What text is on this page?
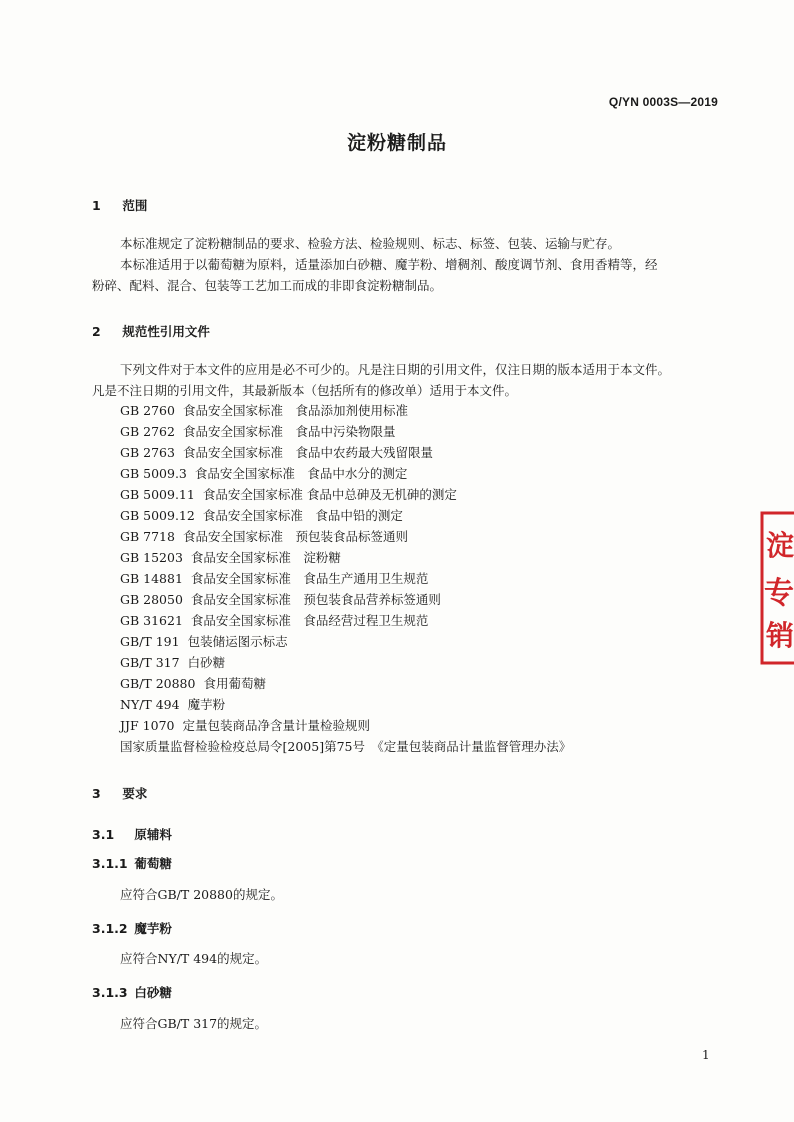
Q/YN 0003S—2019
淀粉糖制品
1 范围
本标准规定了淀粉糖制品的要求、检验方法、检验规则、标志、标签、包装、运输与贮存。
本标准适用于以葡萄糖为原料，适量添加白砂糖、魔芋粉、增稠剂、酸度调节剂、食用香精等，经
粉碎、配料、混合、包装等工艺加工而成的非即食淀粉糖制品。
2 规范性引用文件
下列文件对于本文件的应用是必不可少的。凡是注日期的引用文件，仅注日期的版本适用于本文件。
凡是不注日期的引用文件，其最新版本（包括所有的修改单）适用于本文件。
GB 2760 食品安全国家标准　食品添加剂使用标准
GB 2762 食品安全国家标准　食品中污染物限量
GB 2763 食品安全国家标准　食品中农药最大残留限量
GB 5009.3 食品安全国家标准　食品中水分的测定
GB 5009.11 食品安全国家标准 食品中总砷及无机砷的测定
GB 5009.12 食品安全国家标准　食品中铅的测定
GB 7718 食品安全国家标准　预包装食品标签通则
GB 15203 食品安全国家标准　淀粉糖
GB 14881 食品安全国家标准　食品生产通用卫生规范
GB 28050 食品安全国家标准　预包装食品营养标签通则
GB 31621 食品安全国家标准　食品经营过程卫生规范
GB/T 191 包装储运图示标志
GB/T 317 白砂糖
GB/T 20880 食用葡萄糖
NY/T 494 魔芋粉
JJF 1070 定量包装商品净含量计量检验规则
国家质量监督检验检疫总局令[2005]第75号　《定量包装商品计量监督管理办法》
3 要求
3.1 原辅料
3.1.1 葡萄糖
应符合GB/T 20880的规定。
3.1.2 魔芋粉
应符合NY/T 494的规定。
3.1.3 白砂糖
应符合GB/T 317的规定。
1
淀
专
销
